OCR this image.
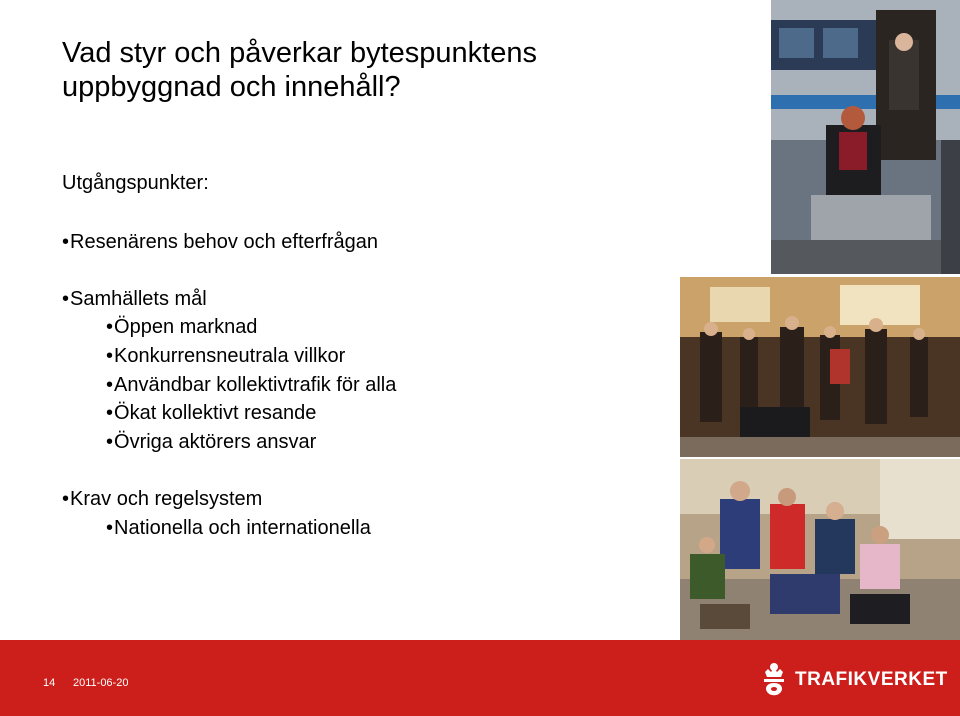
Vad styr och påverkar bytespunktens
uppbyggnad och innehåll?
Utgångspunkter:
• Resenärens behov och efterfrågan
• Samhällets mål
• Öppen marknad
• Konkurrensneutrala villkor
• Användbar kollektivtrafik för alla
• Ökat kollektivt resande
• Övriga aktörers ansvar
• Krav och regelsystem
• Nationella och internationella
14 2011-06-20	TRAFIKVERKET
